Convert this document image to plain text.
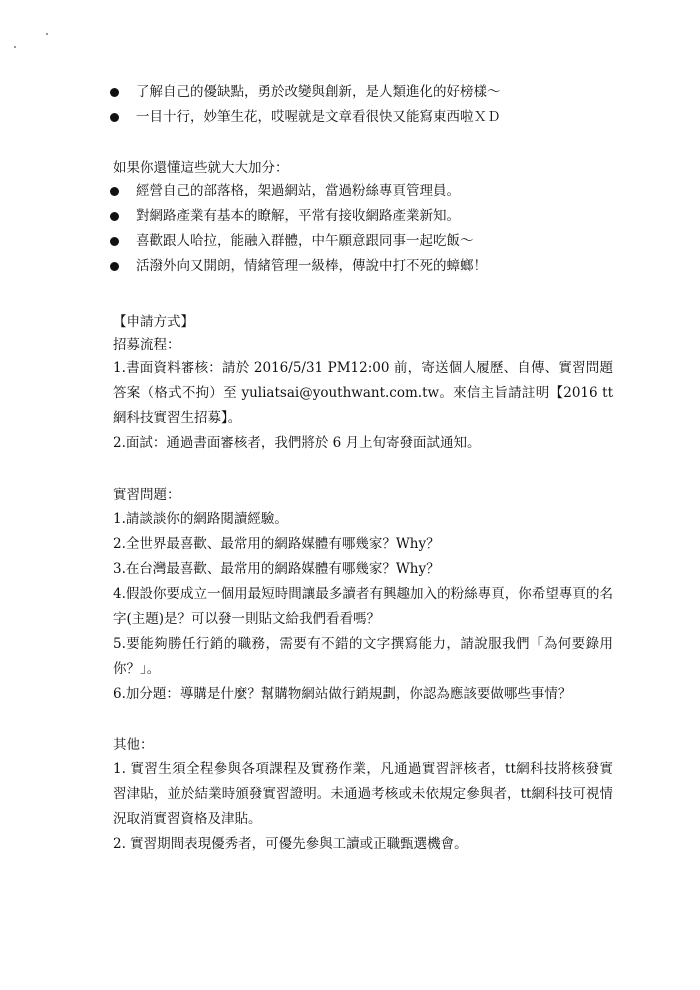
了解自己的優缺點，勇於改變與創新，是人類進化的好榜樣～
一目十行，妙筆生花，哎喔就是文章看很快又能寫東西啦ＸＤ
如果你還懂這些就大大加分：
經營自己的部落格，架過網站，當過粉絲專頁管理員。
對網路產業有基本的瞭解，平常有接收網路產業新知。
喜歡跟人哈拉，能融入群體，中午願意跟同事一起吃飯～
活潑外向又開朗，情緒管理一級棒，傳說中打不死的蟑螂！
【申請方式】
招募流程：

1.書面資料審核：請於 2016/5/31 PM12:00 前，寄送個人履歷、自傳、實習問題答案（格式不拘）至 yuliatsai@youthwant.com.tw。來信主旨請註明【2016 tt網科技實習生招募】。

2.面試：通過書面審核者，我們將於 6 月上旬寄發面試通知。

實習問題：

1.請談談你的網路閱讀經驗。

2.全世界最喜歡、最常用的網路媒體有哪幾家？Why？

3.在台灣最喜歡、最常用的網路媒體有哪幾家？Why？

4.假設你要成立一個用最短時間讓最多讀者有興趣加入的粉絲專頁，你希望專頁的名字(主題)是？可以發一則貼文給我們看看嗎？

5.要能夠勝任行銷的職務，需要有不錯的文字撰寫能力，請說服我們「為何要錄用你？」。

6.加分題：導購是什麼？幫購物網站做行銷規劃，你認為應該要做哪些事情？

其他：

1. 實習生須全程參與各項課程及實務作業，凡通過實習評核者，tt網科技將核發實習津貼，並於結業時頒發實習證明。未通過考核或未依規定參與者，tt網科技可視情況取消實習資格及津貼。

2. 實習期間表現優秀者，可優先參與工讀或正職甄選機會。
